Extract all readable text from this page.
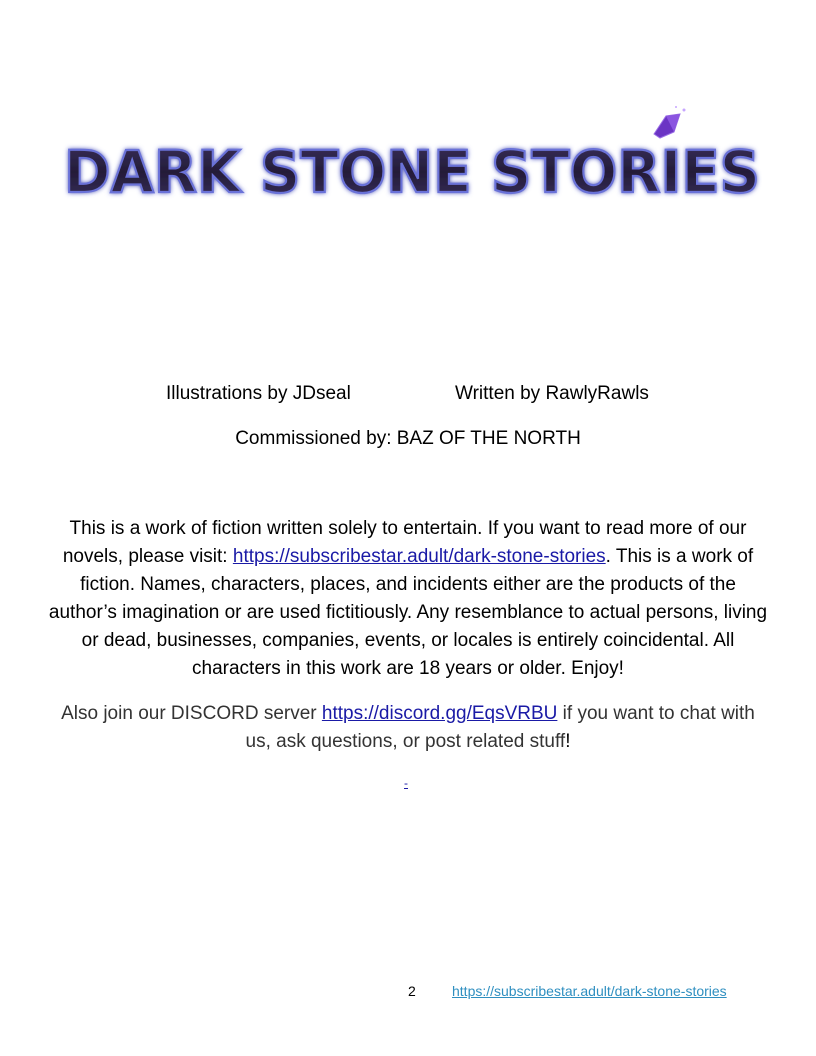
DARK STONE STORIES
Illustrations by JDseal	Written by RawlyRawls
Commissioned by: BAZ OF THE NORTH

This is a work of fiction written solely to entertain. If you want to read more of our novels, please visit: https://subscribestar.adult/dark-stone-stories. This is a work of fiction. Names, characters, places, and incidents either are the products of the author’s imagination or are used fictitiously. Any resemblance to actual persons, living or dead, businesses, companies, events, or locales is entirely coincidental. All characters in this work are 18 years or older. Enjoy!

Also join our DISCORD server https://discord.gg/EqsVRBU if you want to chat with us, ask questions, or post related stuff!

-
2	https://subscribestar.adult/dark-stone-stories
